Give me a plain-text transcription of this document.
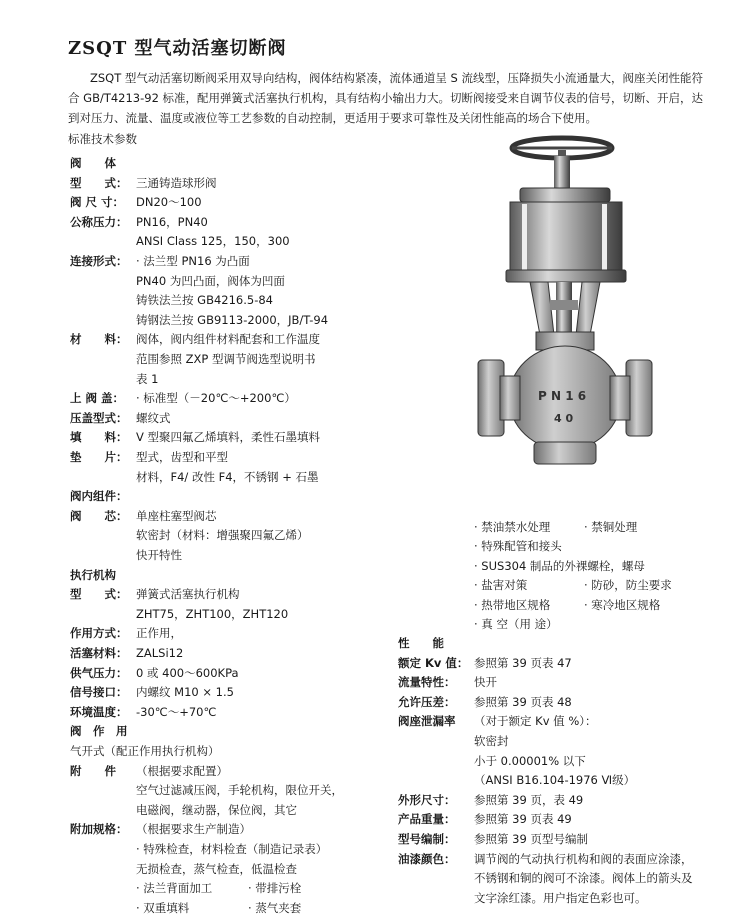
ZSQT 型气动活塞切断阀

ZSQT 型气动活塞切断阀采用双导向结构，阀体结构紧凑，流体通道呈 S 流线型，压降损失小流通量大，阀座关闭性能符合 GB/T4213-92 标准，配用弹簧式活塞执行机构，具有结构小输出力大。切断阀接受来自调节仪表的信号，切断、开启，达到对压力、流量、温度或液位等工艺参数的自动控制，更适用于要求可靠性及关闭性能高的场合下使用。

标准技术参数
阀　　体
型　　式： 三通铸造球形阀
阀 尺 寸： DN20～100
公称压力： PN16，PN40
ANSI Class 125，150，300
连接形式： · 法兰型 PN16 为凸面
PN40 为凹凸面，阀体为凹面
铸铁法兰按 GB4216.5-84
铸钢法兰按 GB9113-2000，JB/T-94
材　　料： 阀体，阀内组件材料配套和工作温度
范围参照 ZXP 型调节阀选型说明书
表 1
上 阀 盖： · 标准型（－20℃～+200℃）
压盖型式： 螺纹式
填　　料： V 型聚四氟乙烯填料，柔性石墨填料
垫　　片： 型式，齿型和平型
材料，F4/ 改性 F4，不锈钢 + 石墨
阀内组件：
阀　　芯： 单座柱塞型阀芯
软密封（材料：增强聚四氟乙烯）
快开特性
执行机构
型　　式： 弹簧式活塞执行机构
ZHT75，ZHT100，ZHT120
作用方式： 正作用，
活塞材料： ZALSi12
供气压力： 0 或 400～600KPa
信号接口： 内螺纹 M10 × 1.5
环境温度： -30℃～+70℃
阀　作　用
气开式（配正作用执行机构）
附　　件 （根据要求配置）
空气过滤减压阀，手轮机构，限位开关，
电磁阀，继动器，保位阀，其它
附加规格： （根据要求生产制造）
· 特殊检查，材料检查（制造记录表）
无损检查，蒸气检查，低温检查
· 法兰背面加工	· 带排污栓
· 双重填料	· 蒸气夹套
· 禁油禁水处理	· 禁铜处理
· 特殊配管和接头
· SUS304 制品的外裸螺栓，螺母
· 盐害对策	· 防砂，防尘要求
· 热带地区规格	· 寒冷地区规格
· 真 空（用 途）
性　　能
额定 Kv 值： 参照第 39 页表 47
流量特性： 快开
允许压差： 参照第 39 页表 48
阀座泄漏率 （对于额定 Kv 值 %）：
软密封
小于 0.00001% 以下
（ANSI B16.104-1976 Ⅵ级）
外形尺寸： 参照第 39 页，表 49
产品重量： 参照第 39 页表 49
型号编制： 参照第 39 页型号编制
油漆颜色： 调节阀的气动执行机构和阀的表面应涂漆，
不锈钢和铜的阀可不涂漆。阀体上的箭头及
文字涂红漆。用户指定色彩也可。
P N 1 6
4 0
